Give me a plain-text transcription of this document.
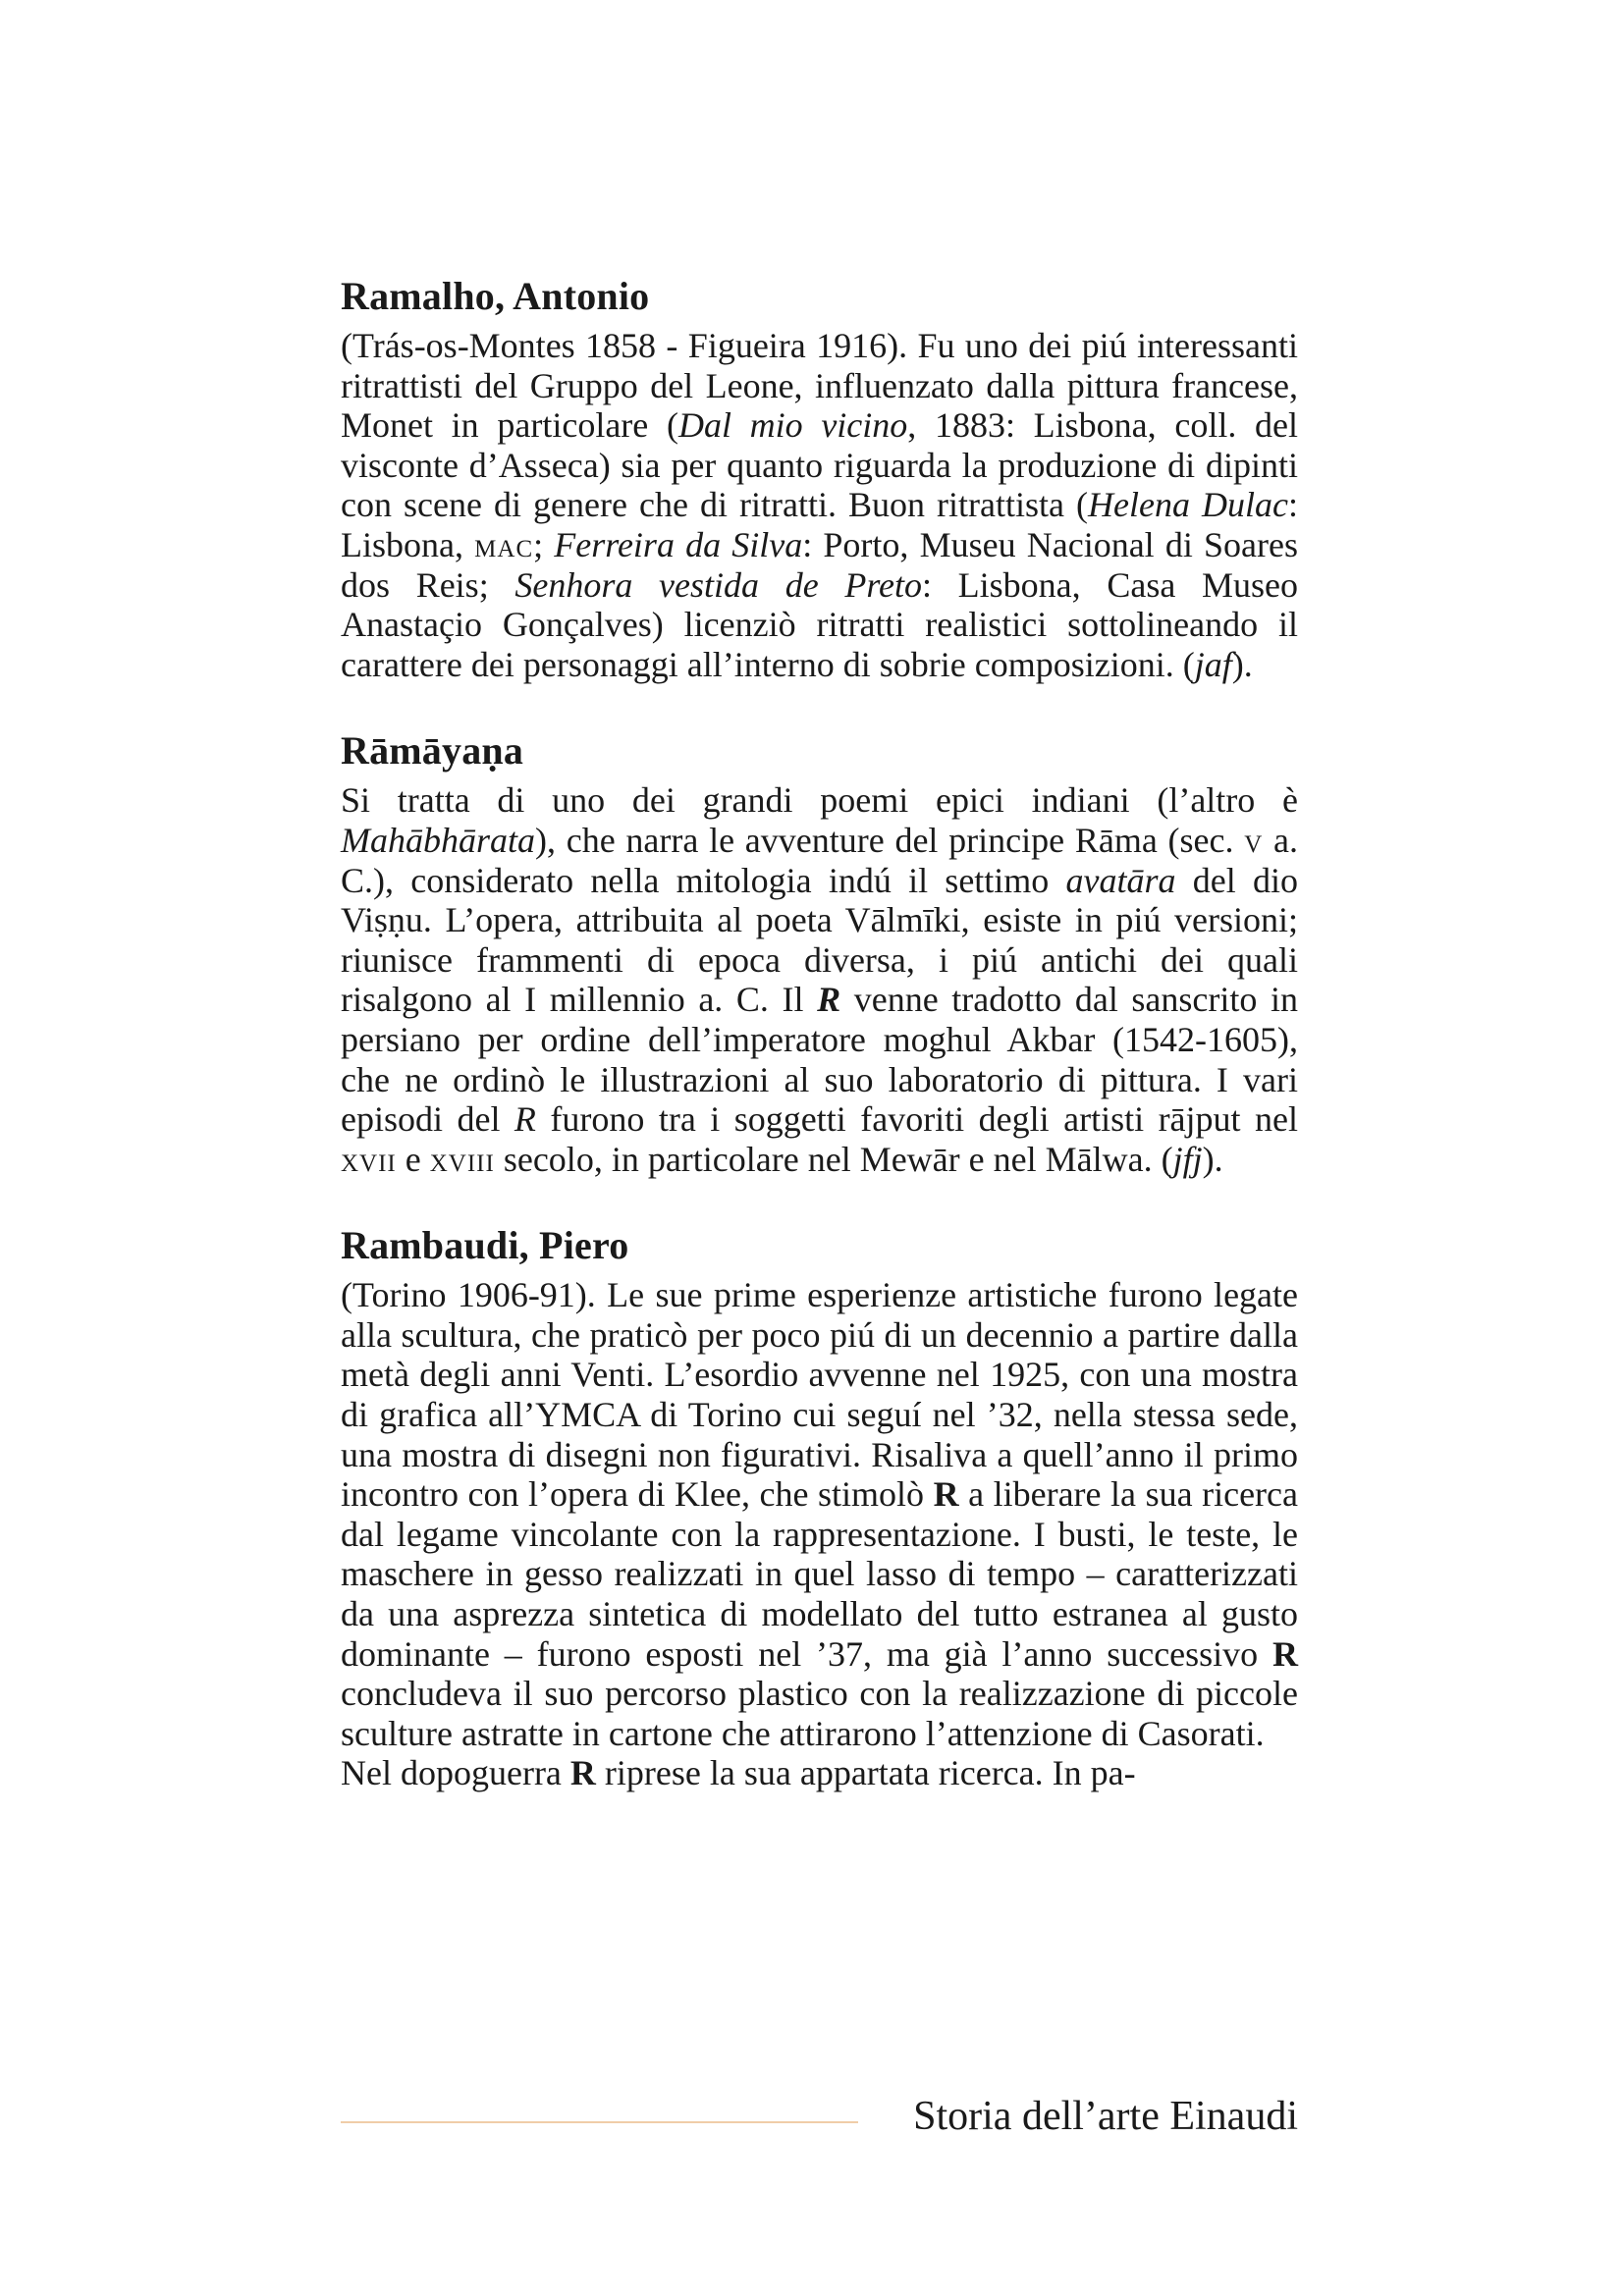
Ramalho, Antonio

(Trás-os-Montes 1858 - Figueira 1916). Fu uno dei piú interessanti ritrattisti del Gruppo del Leone, influenzato dalla pittura francese, Monet in particolare (Dal mio vicino, 1883: Lisbona, coll. del visconte d’Asseca) sia per quanto riguarda la produzione di dipinti con scene di genere che di ritratti. Buon ritrattista (Helena Dulac: Lisbona, mac; Ferreira da Silva: Porto, Museu Nacional di Soares dos Reis; Senhora vestida de Preto: Lisbona, Casa Museo Anastaçio Gonçalves) licenziò ritratti realistici sottolineando il carattere dei personaggi all’interno di sobrie composizioni. (jaf).

Rāmāyaṇa

Si tratta di uno dei grandi poemi epici indiani (l’altro è Mahābhārata), che narra le avventure del principe Rāma (sec. v a. C.), considerato nella mitologia indú il settimo avatāra del dio Viṣṇu. L’opera, attribuita al poeta Vālmīki, esiste in piú versioni; riunisce frammenti di epoca diversa, i piú antichi dei quali risalgono al I millennio a. C. Il R venne tradotto dal sanscrito in persiano per ordine dell’imperatore moghul Akbar (1542-1605), che ne ordinò le illustrazioni al suo laboratorio di pittura. I vari episodi del R furono tra i soggetti favoriti degli artisti rājput nel xvii e xviii secolo, in particolare nel Mewār e nel Mālwa. (jfj).

Rambaudi, Piero

(Torino 1906-91). Le sue prime esperienze artistiche furono legate alla scultura, che praticò per poco piú di un decennio a partire dalla metà degli anni Venti. L’esordio avvenne nel 1925, con una mostra di grafica all’YMCA di Torino cui seguí nel ’32, nella stessa sede, una mostra di disegni non figurativi. Risaliva a quell’anno il primo incontro con l’opera di Klee, che stimolò R a liberare la sua ricerca dal legame vincolante con la rappresentazione. I busti, le teste, le maschere in gesso realizzati in quel lasso di tempo – caratterizzati da una asprezza sintetica di modellato del tutto estranea al gusto dominante – furono esposti nel ’37, ma già l’anno successivo R concludeva il suo percorso plastico con la realizzazione di piccole sculture astratte in cartone che attirarono l’attenzione di Casorati.
Nel dopoguerra R riprese la sua appartata ricerca. In pa-

Storia dell’arte Einaudi
